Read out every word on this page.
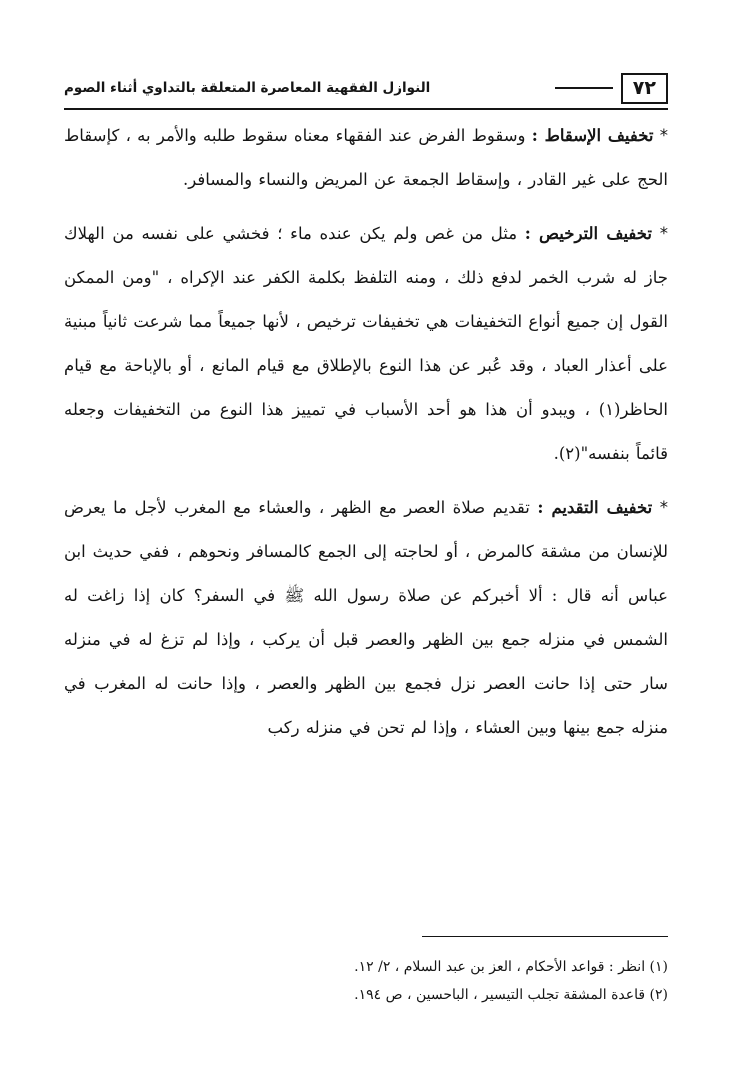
٧٢
النوازل الفقهية المعاصرة المتعلقة بالتداوي أثناء الصوم

* تخفيف الإسقاط : وسقوط الفرض عند الفقهاء معناه سقوط طلبه والأمر به ، كإسقاط الحج على غير القادر ، وإسقاط الجمعة عن المريض والنساء والمسافر.

* تخفيف الترخيص : مثل من غص ولم يكن عنده ماء ؛ فخشي على نفسه من الهلاك جاز له شرب الخمر لدفع ذلك ، ومنه التلفظ بكلمة الكفر عند الإكراه ، "ومن الممكن القول إن جميع أنواع التخفيفات هي تخفيفات ترخيص ، لأنها جميعاً مما شرعت ثانياً مبنية على أعذار العباد ، وقد عُبر عن هذا النوع بالإطلاق مع قيام المانع ، أو بالإباحة مع قيام الحاظر(١) ، ويبدو أن هذا هو أحد الأسباب في تمييز هذا النوع من التخفيفات وجعله قائماً بنفسه"(٢).

* تخفيف التقديم : تقديم صلاة العصر مع الظهر ، والعشاء مع المغرب لأجل ما يعرض للإنسان من مشقة كالمرض ، أو لحاجته إلى الجمع كالمسافر ونحوهم ، ففي حديث ابن عباس أنه قال : ألا أخبركم عن صلاة رسول الله ﷺ في السفر؟ كان إذا زاغت له الشمس في منزله جمع بين الظهر والعصر قبل أن يركب ، وإذا لم تزغ له في منزله سار حتى إذا حانت العصر نزل فجمع بين الظهر والعصر ، وإذا حانت له المغرب في منزله جمع بينها وبين العشاء ، وإذا لم تحن في منزله ركب

(١) انظر : قواعد الأحكام ، العز بن عبد السلام ، ٢/ ١٢.

(٢) قاعدة المشقة تجلب التيسير ، الباحسين ، ص ١٩٤.
